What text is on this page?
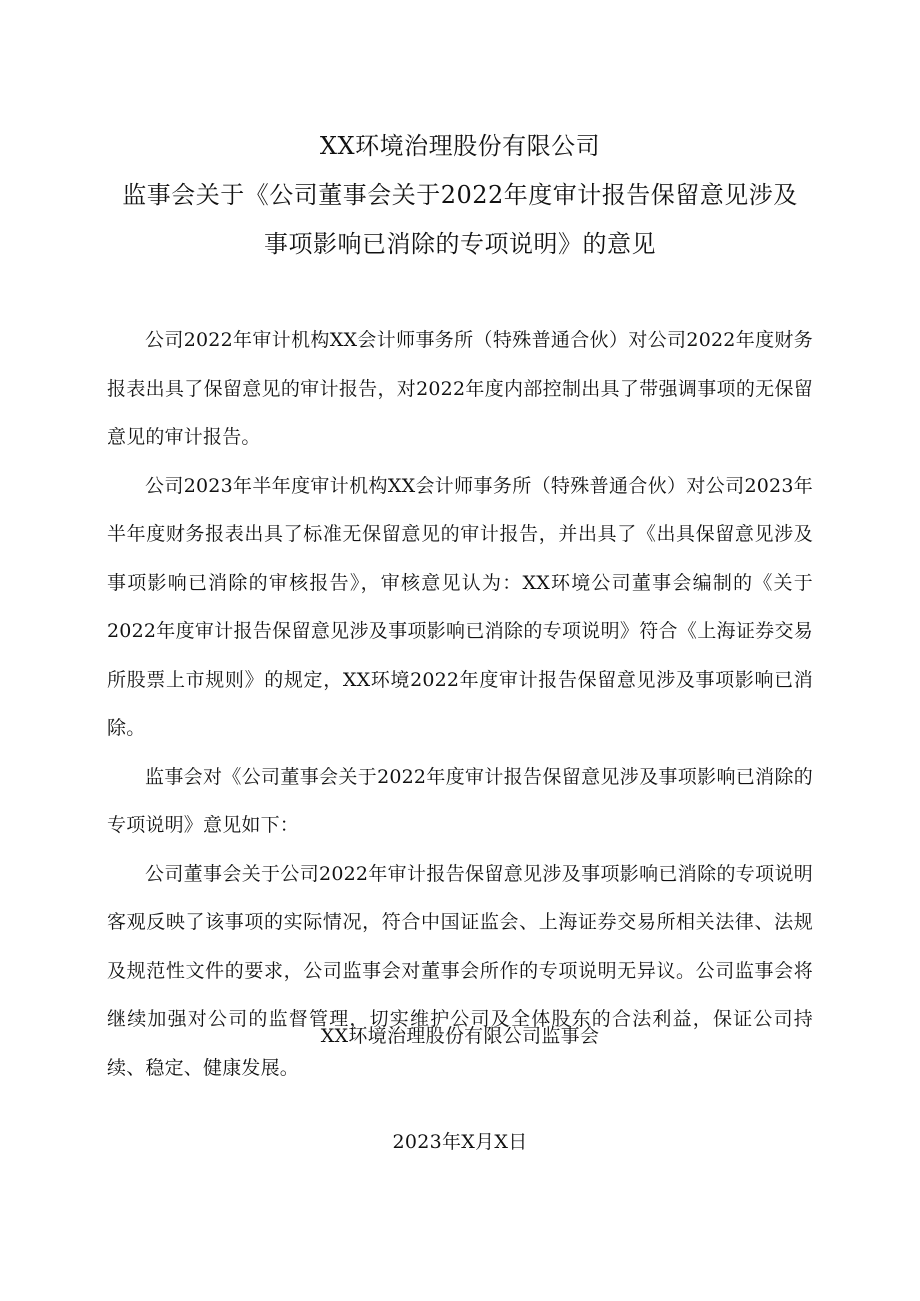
XX环境治理股份有限公司
监事会关于《公司董事会关于2022年度审计报告保留意见涉及
事项影响已消除的专项说明》的意见

公司2022年审计机构XX会计师事务所（特殊普通合伙）对公司2022年度财务报表出具了保留意见的审计报告，对2022年度内部控制出具了带强调事项的无保留意见的审计报告。

公司2023年半年度审计机构XX会计师事务所（特殊普通合伙）对公司2023年半年度财务报表出具了标准无保留意见的审计报告，并出具了《出具保留意见涉及事项影响已消除的审核报告》，审核意见认为：XX环境公司董事会编制的《关于2022年度审计报告保留意见涉及事项影响已消除的专项说明》符合《上海证券交易所股票上市规则》的规定，XX环境2022年度审计报告保留意见涉及事项影响已消除。

监事会对《公司董事会关于2022年度审计报告保留意见涉及事项影响已消除的专项说明》意见如下：

公司董事会关于公司2022年审计报告保留意见涉及事项影响已消除的专项说明客观反映了该事项的实际情况，符合中国证监会、上海证券交易所相关法律、法规及规范性文件的要求，公司监事会对董事会所作的专项说明无异议。公司监事会将继续加强对公司的监督管理，切实维护公司及全体股东的合法利益，保证公司持续、稳定、健康发展。

XX环境治理股份有限公司监事会
2023年X月X日
